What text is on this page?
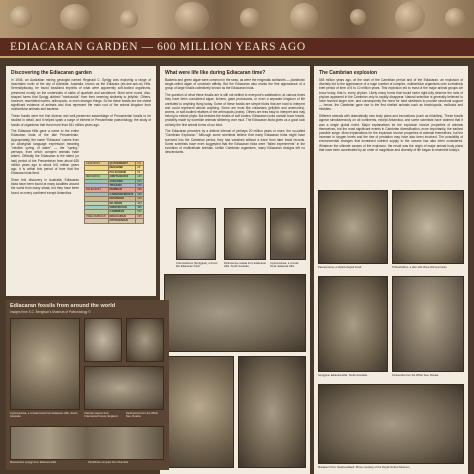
EDIACARAN GARDEN — 600 MILLION YEARS AGO
Discovering the Ediacaran garden

In 1946, an Australian mining geologist named Reginald C. Sprigg was exploring a range of mountains north of the city of Adelaide, Australia, known as the Ediacara (ee-dee-ack-ra) Hills. Serendipitously, he found fossilized imprints of what were apparently soft-bodied organisms, preserved mostly on the undersides of slabs of quartzite and sandstone. Most were round, disc-shaped forms that Sprigg dubbed "medusoids" from their seeming similarity to jellyfish. Others, however, resembled worms, arthropods, or even stranger things. So far these fossils are the oldest significant evidence of animals and thus represent the main root of the animal kingdom from multicellular animals and bacteria.

These fossils were the first diverse and well-preserved assemblage of Precambrian fossils to be studied in detail, and it helped spark a surge of interest in Precambrian paleontology, the study of fossils of organisms that lived more than 541 million years ago.

The Ediacara Hills gave a name to the entire Ediacaran biota of the late Precambrian. Appropriately, the name "Ediacara" comes from an Aboriginal language expression meaning "veinlike spring of water" — the "spring," perhaps, from which complex animals have arisen. Officially the Ediacaran is the latest (or last) period of the Precambrian from about 635 million years ago to about 541 million years ago. It is within this period of time that the Ediacara biota lived.

Since this discovery in Australia, Ediacaran biota have been found at many localities around the world from many strata, but they have been found on every continent except Antarctica.

CENOZOIC	QUATERNARY	2.6
	NEOGENE	23
	PALEOGENE	66
MESOZOIC	CRETACEOUS	145
	JURASSIC	201
	TRIASSIC	252
PALEOZOIC	PERMIAN	299
	CARBONIFEROUS	359
	DEVONIAN	419
	SILURIAN	443
	ORDOVICIAN	485
	CAMBRIAN	541
PRECAMBRIAN	EDIACARAN	635
	CRYOGENIAN	
What were life like during Ediacaran time?

Bacteria and green algae were common in the seas, as were the enigmatic acritarchs — planktonic single-celled algae of uncertain affinity. But the Ediacaran also marks the first appearance of a group of large fossils collectively known as the Ediacaran biota.

The question of what these fossils are is still not settled to everyone's satisfaction; at various times they have been considered algae, lichens, giant protozoans, or even a separate kingdom of life unrelated to anything living today. Some of these fossils are simple blobs that are hard to interpret and could represent almost anything. Some are most like cnidarians (jellyfish and anemones), worms, or soft-bodied relatives of the arthropods (crabs). Others are less easy to interpret and may belong to extinct phyla. But besides the fossils of soft bodies, Ediacaran rocks contain trace fossils, probably made by wormlike animals slithering over mud. The Ediacaran biota gives us a good look at likely the first animal forms of our kind.

The Ediacaran precedes by a distinct interval of perhaps 20 million years or more, the so-called "Cambrian Explosion." Although some scientists believe that many Ediacaran biota might have survived into the Cambrian period, they had vanished without a trace from later fossil records. Some scientists have even suggested that the Ediacaran biota were "failed experiments" in the evolution of multicellular animals. Unlike Cambrian organisms, many Ediacaran designs left no descendants.

Charniodiscus (Spriggina), a frond-like Ediacaran fossil.
Dickinsonia costata from Ediacaran Hills, South Australia.
Cyclomedusa, a circular fossil, Ediacara Hills.
The Cambrian explosion

545 million years ago, at the start of the Cambrian period and of the Ediacaran, an explosion of diversity led to the appearance of a huge number of complex, multicellular organisms over a relatively brief period of time of 5 to 10 million years. This explosion led to most of the major animal groups we know today, that is, every phylum. Likely many forms that would seem right-fully deserve the rank of phylum appeared in the Cambrian only to rapidly disappear. Natural selection is generally believed to have favored larger size, and consequently the need for hard skeletons to provide structural support — hence, the Cambrian gave rise to the first shelled animals such as brachiopods, mollusks and trilobites.

Different animals with dramatically new body plans and innovations (such as trilobites). These fossils appear simultaneously on all continents, except Antarctica, and some scientists have claimed that it was a single global event. Major explanations for the explosion involve properties of animals themselves, but the most significant events in Cambrian diversification, more importantly, the earliest possible surge. Most explanations for the explosion involve properties of animals themselves, but the increase in oxygen levels and the rise of predation may have also been involved. The possibility of environmental changes that increased nutrient supply to the oceans has also been considered. Whatever the ultimate causes of the explosion, the result was the origin of major animal body plans that have been accelerated by an order of magnitude and diversity of life began to resemble today's.

Parvancorina, a shield-shaped fossil.	Tribrachidium, a disc with three-fold symmetry.
Spriggina, Ediacara Hills, South Australia.	Kimberella from the White Sea, Russia.
Mistaken Point, Newfoundland. Photo courtesy of the Royal Ontario Museum.
Ediacaran fossils from around the world
Images from S.C. Bengtson's Museum of Paleontology ©
Cyclomedusa, a circular fossil from Ediacara Hills, South Australia.
Charnia masoni from Charnwood Forest, England.
Dickinsonia from the White Sea, Russia.
Mawsonites spriggi from Ediacara Hills.	Pteridinium simplex from Namibia.
